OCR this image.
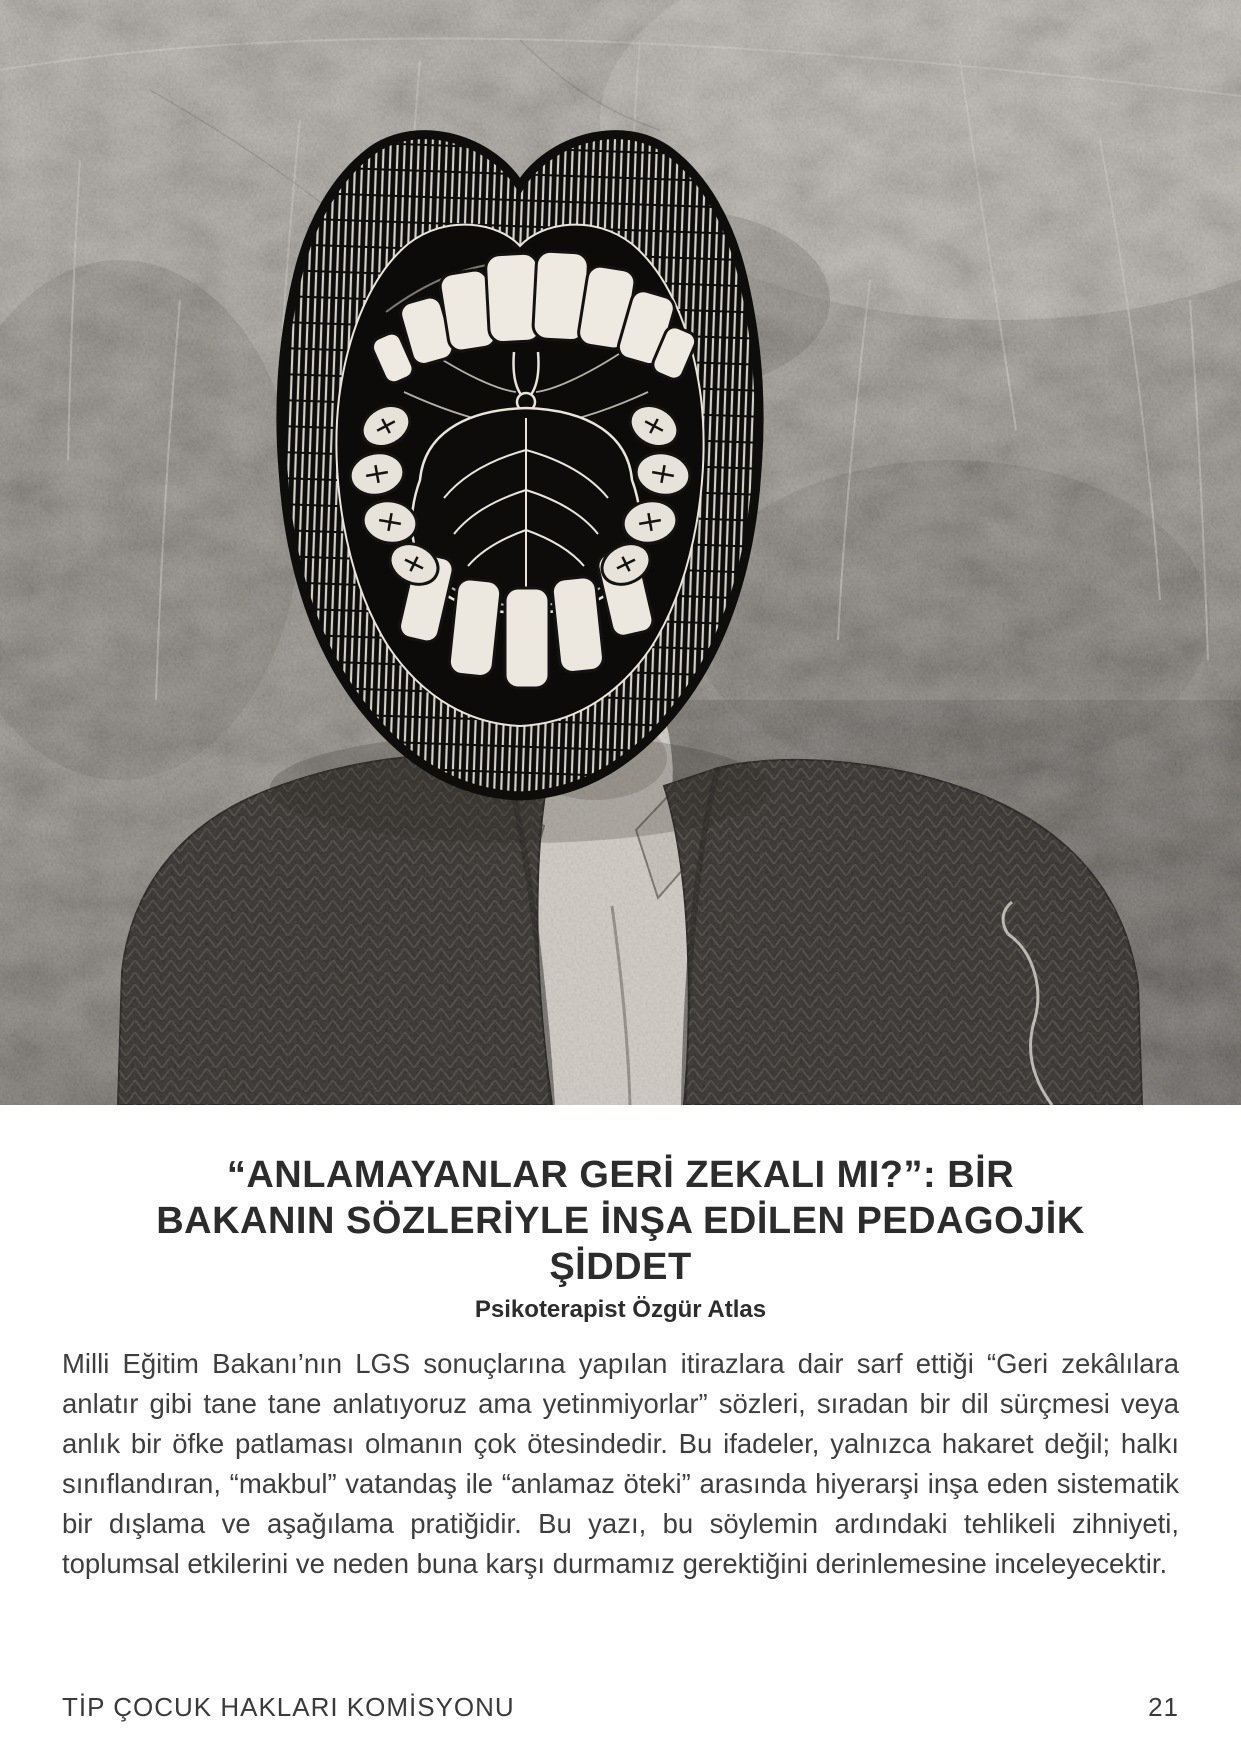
“ANLAMAYANLAR GERİ ZEKALI MI?”: BİR
BAKANIN SÖZLERİYLE İNŞA EDİLEN PEDAGOJİK
ŞİDDET
Psikoterapist Özgür Atlas

Milli Eğitim Bakanı’nın LGS sonuçlarına yapılan itirazlara dair sarf ettiği “Geri zekâlılara anlatır gibi tane tane anlatıyoruz ama yetinmiyorlar” sözleri, sıradan bir dil sürçmesi veya anlık bir öfke patlaması olmanın çok ötesindedir. Bu ifadeler, yalnızca hakaret değil; halkı sınıflandıran, “makbul” vatandaş ile “anlamaz öteki” arasında hiyerarşi inşa eden sistematik bir dışlama ve aşağılama pratiğidir. Bu yazı, bu söylemin ardındaki tehlikeli zihniyeti, toplumsal etkilerini ve neden buna karşı durmamız gerektiğini derinlemesine inceleyecektir.

TİP ÇOCUK HAKLARI KOMİSYONU	21
